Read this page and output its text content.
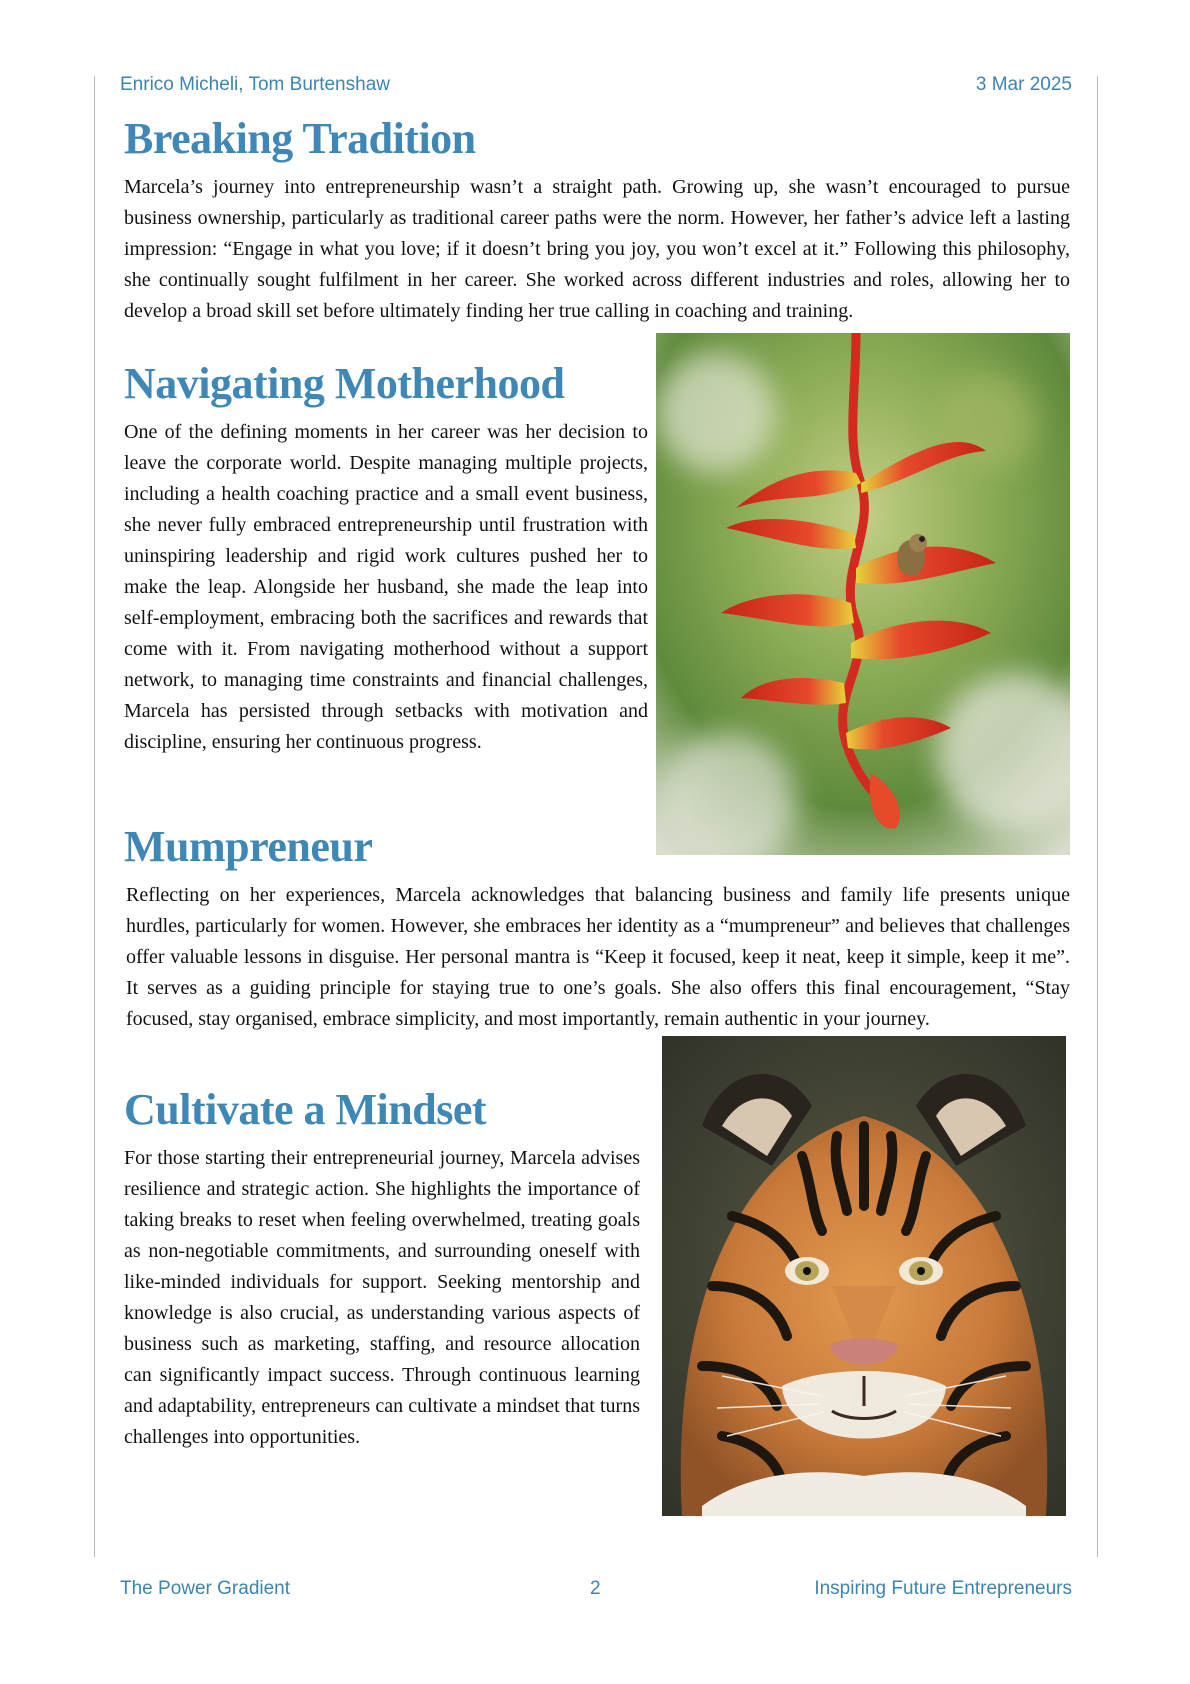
Enrico Micheli, Tom Burtenshaw	3 Mar 2025
Breaking Tradition

Marcela’s journey into entrepreneurship wasn’t a straight path. Growing up, she wasn’t encouraged to pursue business ownership, particularly as traditional career paths were the norm. However, her father’s advice left a lasting impression: “Engage in what you love; if it doesn’t bring you joy, you won’t excel at it.” Following this philosophy, she continually sought fulfilment in her career. She worked across different industries and roles, allowing her to develop a broad skill set before ultimately finding her true calling in coaching and training.

Navigating Motherhood

One of the defining moments in her career was her decision to leave the corporate world. Despite managing multiple projects, including a health coaching practice and a small event business, she never fully embraced entrepreneurship until frustration with uninspiring leadership and rigid work cultures pushed her to make the leap. Alongside her husband, she made the leap into self-employment, embracing both the sacrifices and rewards that come with it. From navigating motherhood without a support network, to managing time constraints and financial challenges, Marcela has persisted through setbacks with motivation and discipline, ensuring her continuous progress.

Mumpreneur

Reflecting on her experiences, Marcela acknowledges that balancing business and family life presents unique hurdles, particularly for women. However, she embraces her identity as a “mumpreneur” and believes that challenges offer valuable lessons in disguise. Her personal mantra is “Keep it focused, keep it neat, keep it simple, keep it me”. It serves as a guiding principle for staying true to one’s goals. She also offers this final encouragement, “Stay focused, stay organised, embrace simplicity, and most importantly, remain authentic in your journey.

Cultivate a Mindset

For those starting their entrepreneurial journey, Marcela advises resilience and strategic action. She highlights the importance of taking breaks to reset when feeling overwhelmed, treating goals as non-negotiable commitments, and surrounding oneself with like-minded individuals for support. Seeking mentorship and knowledge is also crucial, as understanding various aspects of business such as marketing, staffing, and resource allocation can significantly impact success. Through continuous learning and adaptability, entrepreneurs can cultivate a mindset that turns challenges into opportunities.

The Power Gradient	2	Inspiring Future Entrepreneurs
